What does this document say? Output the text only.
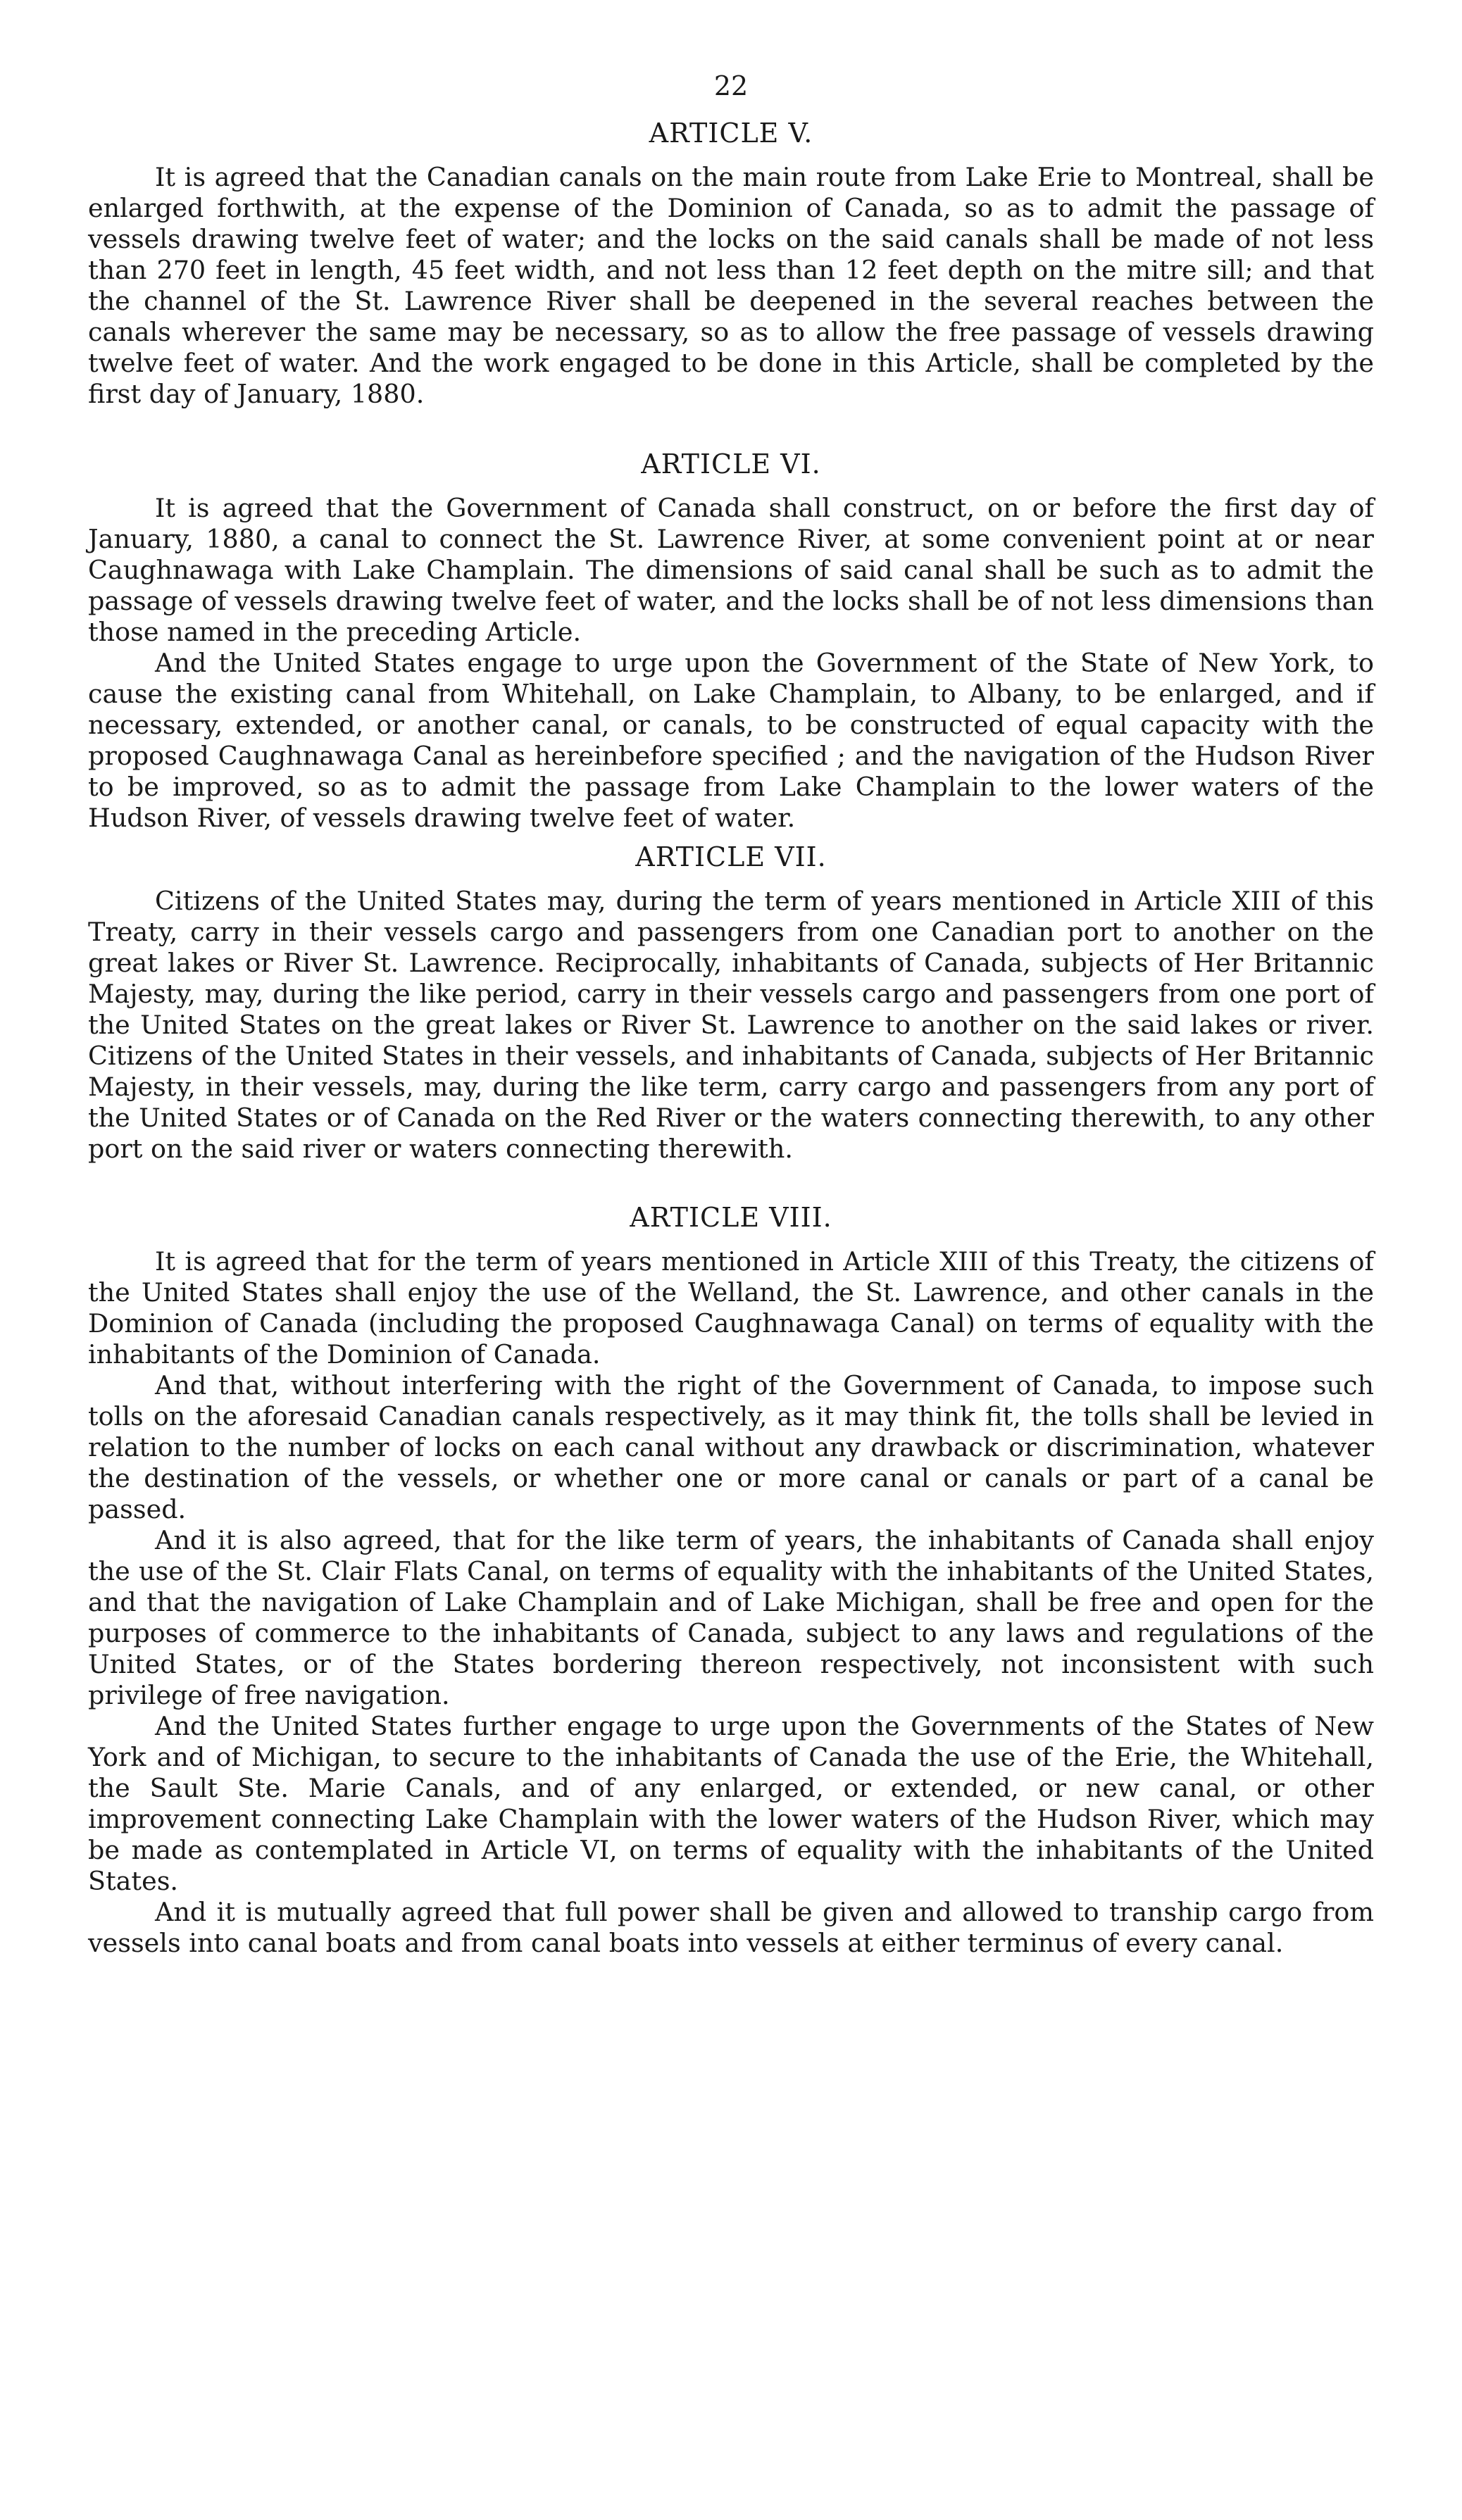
22
ARTICLE V.

It is agreed that the Canadian canals on the main route from Lake Erie to Montreal, shall be enlarged forthwith, at the expense of the Dominion of Canada, so as to admit the passage of vessels drawing twelve feet of water; and the locks on the said canals shall be made of not less than 270 feet in length, 45 feet width, and not less than 12 feet depth on the mitre sill; and that the channel of the St. Lawrence River shall be deepened in the several reaches between the canals wherever the same may be necessary, so as to allow the free passage of vessels drawing twelve feet of water. And the work engaged to be done in this Article, shall be completed by the first day of January, 1880.

ARTICLE VI.

It is agreed that the Government of Canada shall construct, on or before the first day of January, 1880, a canal to connect the St. Lawrence River, at some convenient point at or near Caughnawaga with Lake Champlain. The dimensions of said canal shall be such as to admit the passage of vessels drawing twelve feet of water, and the locks shall be of not less dimensions than those named in the preceding Article.

And the United States engage to urge upon the Government of the State of New York, to cause the existing canal from Whitehall, on Lake Champlain, to Albany, to be enlarged, and if necessary, extended, or another canal, or canals, to be constructed of equal capacity with the proposed Caughnawaga Canal as hereinbefore specified ; and the navigation of the Hudson River to be improved, so as to admit the passage from Lake Champlain to the lower waters of the Hudson River, of vessels drawing twelve feet of water.

ARTICLE VII.

Citizens of the United States may, during the term of years mentioned in Article XIII of this Treaty, carry in their vessels cargo and passengers from one Canadian port to another on the great lakes or River St. Lawrence. Reciprocally, inhabitants of Canada, subjects of Her Britannic Majesty, may, during the like period, carry in their vessels cargo and passengers from one port of the United States on the great lakes or River St. Lawrence to another on the said lakes or river. Citizens of the United States in their vessels, and inhabitants of Canada, subjects of Her Britannic Majesty, in their vessels, may, during the like term, carry cargo and passengers from any port of the United States or of Canada on the Red River or the waters connecting therewith, to any other port on the said river or waters connecting therewith.

ARTICLE VIII.

It is agreed that for the term of years mentioned in Article XIII of this Treaty, the citizens of the United States shall enjoy the use of the Welland, the St. Lawrence, and other canals in the Dominion of Canada (including the proposed Caughnawaga Canal) on terms of equality with the inhabitants of the Dominion of Canada.

And that, without interfering with the right of the Government of Canada, to impose such tolls on the aforesaid Canadian canals respectively, as it may think fit, the tolls shall be levied in relation to the number of locks on each canal without any drawback or discrimination, whatever the destination of the vessels, or whether one or more canal or canals or part of a canal be passed.

And it is also agreed, that for the like term of years, the inhabitants of Canada shall enjoy the use of the St. Clair Flats Canal, on terms of equality with the inhabitants of the United States, and that the navigation of Lake Champlain and of Lake Michigan, shall be free and open for the purposes of commerce to the inhabitants of Canada, subject to any laws and regulations of the United States, or of the States bordering thereon respectively, not inconsistent with such privilege of free navigation.

And the United States further engage to urge upon the Governments of the States of New York and of Michigan, to secure to the inhabitants of Canada the use of the Erie, the Whitehall, the Sault Ste. Marie Canals, and of any enlarged, or extended, or new canal, or other improvement connecting Lake Champlain with the lower waters of the Hudson River, which may be made as contemplated in Article VI, on terms of equality with the inhabitants of the United States.

And it is mutually agreed that full power shall be given and allowed to tranship cargo from vessels into canal boats and from canal boats into vessels at either terminus of every canal.
